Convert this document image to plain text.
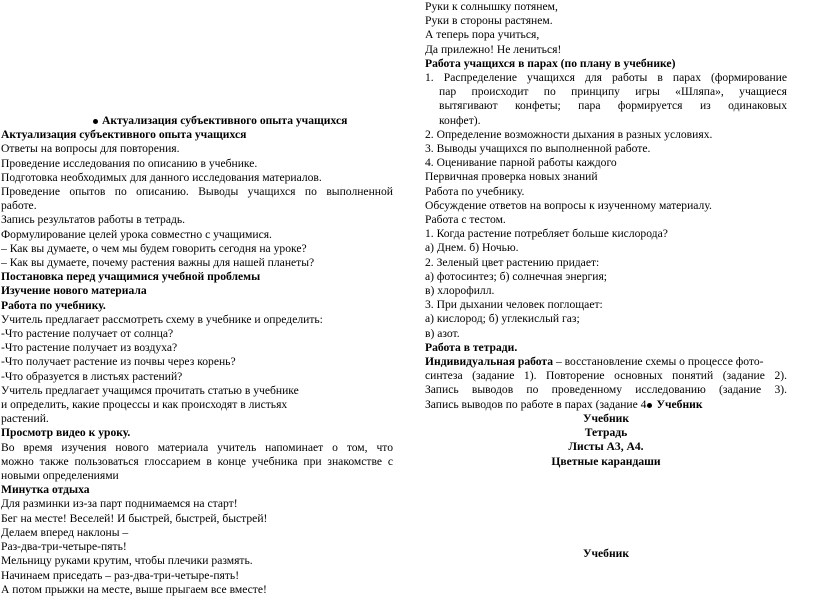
Актуализация субъективного опыта учащихся
Актуализация субъективного опыта учащихся
Ответы на вопросы для повторения.
Проведение исследования по описанию в учебнике.
Подготовка необходимых для данного исследования материалов.
Проведение опытов по описанию. Выводы учащихся по выполненной
работе.
Запись результатов работы в тетрадь.
Формулирование целей урока совместно с учащимися.
– Как вы думаете, о чем мы будем говорить сегодня на уроке?
– Как вы думаете, почему растения важны для нашей планеты?
Постановка перед учащимися учебной проблемы
Изучение нового материала
Работа по учебнику.
Учитель предлагает рассмотреть схему в учебнике и определить:
-Что растение получает от солнца?
-Что растение получает из воздуха?
-Что получает растение из почвы через корень?
-Что образуется в листьях растений?
Учитель предлагает учащимся прочитать статью в учебнике
и определить, какие процессы и как происходят в листьях
растений.
Просмотр видео к уроку.
Во время изучения нового материала учитель напоминает о том, что
можно также пользоваться глоссарием в конце учебника при знакомстве с
новыми определениями
Минутка отдыха
Для разминки из-за парт поднимаемся на старт!
Бег на месте! Веселей! И быстрей, быстрей, быстрей!
Делаем вперед наклоны –
Раз-два-три-четыре-пять!
Мельницу руками крутим, чтобы плечики размять.
Начинаем приседать – раз-два-три-четыре-пять!
А потом прыжки на месте, выше прыгаем все вместе!
Руки к солнышку потянем,
Руки в стороны растянем.
А теперь пора учиться,
Да прилежно! Не лениться!
Работа учащихся в парах (по плану в учебнике)
1. Распределение учащихся для работы в парах (формирование
пар происходит по принципу игры «Шляпа», учащиеся
вытягивают конфеты; пара формируется из одинаковых
конфет).
2. Определение возможности дыхания в разных условиях.
3. Выводы учащихся по выполненной работе.
4. Оценивание парной работы каждого
Первичная проверка новых знаний
Работа по учебнику.
Обсуждение ответов на вопросы к изученному материалу.
Работа с тестом.
1. Когда растение потребляет больше кислорода?
а) Днем. б) Ночью.
2. Зеленый цвет растению придает:
а) фотосинтез; б) солнечная энергия;
в) хлорофилл.
3. При дыхании человек поглощает:
а) кислород; б) углекислый газ;
в) азот.
Работа в тетради.
Индивидуальная работа – восстановление схемы о процессе фото-
синтеза (задание 1). Повторение основных понятий (задание 2).
Запись выводов по проведенному исследованию (задание 3).
Запись выводов по работе в парах (задание 4 Учебник
Учебник
Тетрадь
Листы А3, А4.
Цветные карандаши
Учебник
